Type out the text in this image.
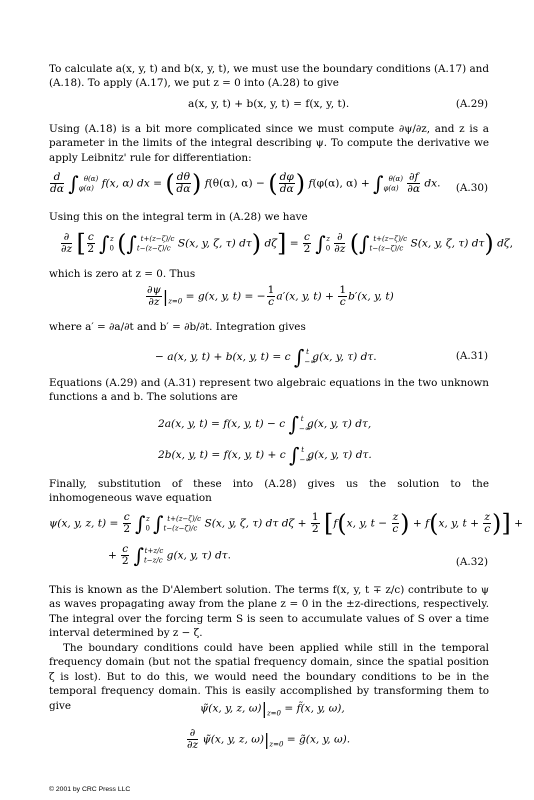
To calculate a(x, y, t) and b(x, y, t), we must use the boundary conditions (A.17) and (A.18). To apply (A.17), we put z = 0 into (A.28) to give

a(x, y, t) + b(x, y, t) = f(x, y, t).	(A.29)

Using (A.18) is a bit more complicated since we must compute ∂ψ/∂z, and z is a parameter in the limits of the integral describing ψ. To compute the derivative we apply Leibnitz' rule for differentiation:

$\frac{d}{d\alpha} \int_{\varphi(\alpha)}^{\theta(\alpha)}$ f(x, α) dx = ( $\frac{d\theta}{d\alpha}$ ) f(θ(α), α) − ( $\frac{d\varphi}{d\alpha}$ ) f(φ(α), $\alpha) + \int_{\varphi(\alpha)}^{\theta(\alpha)} \frac{\partial f}{\partial\alpha}$ dx. (A.30)

Using this on the integral term in (A.28) we have

$\frac{\partial}{\partial z}$ [ $\frac{c}{2} \int_0^z$ ($\int_{t-(z-\zeta)/c}^{t+(z-\zeta)/c}$ S(x, y, ζ, τ) dτ) $d\zeta] = \frac{c}{2} \int_0^z \frac{\partial}{\partial z} (\int_{t-(z-\zeta)/c}^{t+(z-\zeta)/c}$ S(x, y, ζ, τ) dτ) dζ,

which is zero at z = 0. Thus

$\frac{\partial\psi}{\partial z} |_{z=0} = g(x$, y, t) = − $\frac{1}{c} a'(x$, y, $t) + \frac{1}{c} b'(x$, y, t)

where a′ = ∂a/∂t and b′ = ∂b/∂t. Integration gives

− a(x, y, t) + b(x, y, t) = c $\int_{-\infty}^t$ g(x, y, τ) dτ.	(A.31)

Equations (A.29) and (A.31) represent two algebraic equations in the two unknown functions a and b. The solutions are

2a(x, y, t) = f(x, y, t) − c $\int_{-\infty}^t$ g(x, y, τ) dτ,
2b(x, y, t) = f(x, y, t) + c $\int_{-\infty}^t$ g(x, y, τ) dτ.

Finally, substitution of these into (A.28) gives us the solution to the inhomogeneous wave equation

ψ(x, y, z, $t) = \frac{c}{2} \int_0^z$ $\int_{t-(z-\zeta)/c}^{t+(z-\zeta)/c}$ S(x, y, ζ, τ) dτ $d\zeta + \frac{1}{2} [f(x$, y, $t - \frac{z}{c}$ ) + f(x, y, $t + \frac{z}{c}$ )] +
+ $\frac{c}{2} \int_{t-z/c}^{t+z/c}$ g(x, y, τ) dτ.
(A.32)

This is known as the D'Alembert solution. The terms f(x, y, t ∓ z/c) contribute to ψ as waves propagating away from the plane z = 0 in the ±z-directions, respectively. The integral over the forcing term S is seen to accumulate values of S over a time interval determined by z − ζ.

The boundary conditions could have been applied while still in the temporal frequency domain (but not the spatial frequency domain, since the spatial position ζ is lost). But to do this, we would need the boundary conditions to be in the temporal frequency domain. This is easily accomplished by transforming them to give	ψ̃(x, y, z, $\omega)|_{z=0}$ = f̃(x, y, ω),
$\frac{\partial}{\partial z}$ ψ̃(x, y, z, $\omega)|_{z=0}$ = g̃(x, y, ω).
© 2001 by CRC Press LLC
